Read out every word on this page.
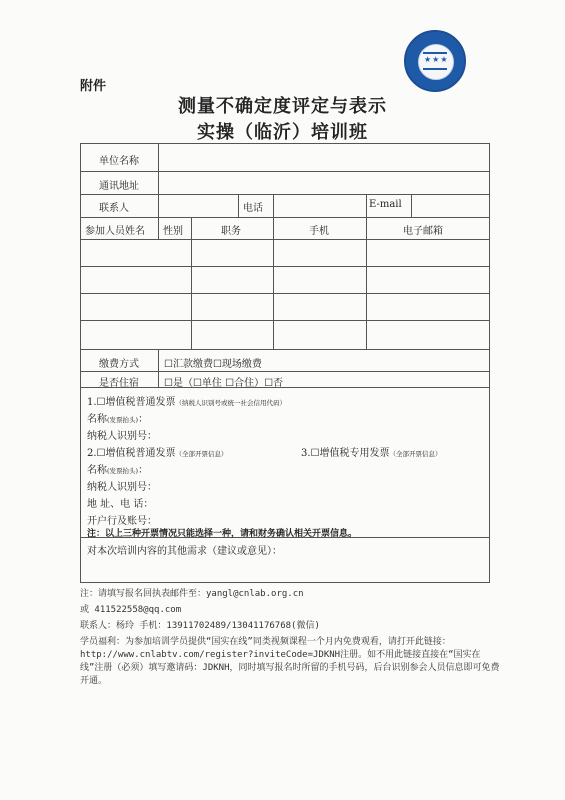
★★★
附件
测量不确定度评定与表示
实操（临沂）培训班
单位名称
通讯地址
联系人	电话	E-mail
参加人员姓名 性别	职务	手机	电子邮箱
缴费方式	☐汇款缴费☐现场缴费
是否住宿	☐是（☐单住 ☐合住）☐否
1.☐增值税普通发票（纳税人识别号或统一社会信用代码）
名称(发票抬头)：
纳税人识别号：
2.☐增值税普通发票（全部开票信息）	3.☐增值税专用发票（全部开票信息）
名称(发票抬头)：
纳税人识别号：
地 址、电 话：
开户行及账号：
注：以上三种开票情况只能选择一种，请和财务确认相关开票信息。
对本次培训内容的其他需求（建议或意见）：

注：请填写报名回执表邮件至：yangl@cnlab.org.cn

或 411522558@qq.com

联系人：杨玲 手机：13911702489/13041176768(微信)

学员福利：为参加培训学员提供“国实在线”同类视频课程一个月内免费观看，请打开此链接：http://www.cnlabtv.com/register?inviteCode=JDKNH注册。如不用此链接直接在“国实在线”注册（必须）填写邀请码：JDKNH，同时填写报名时所留的手机号码，后台识别参会人员信息即可免费开通。
